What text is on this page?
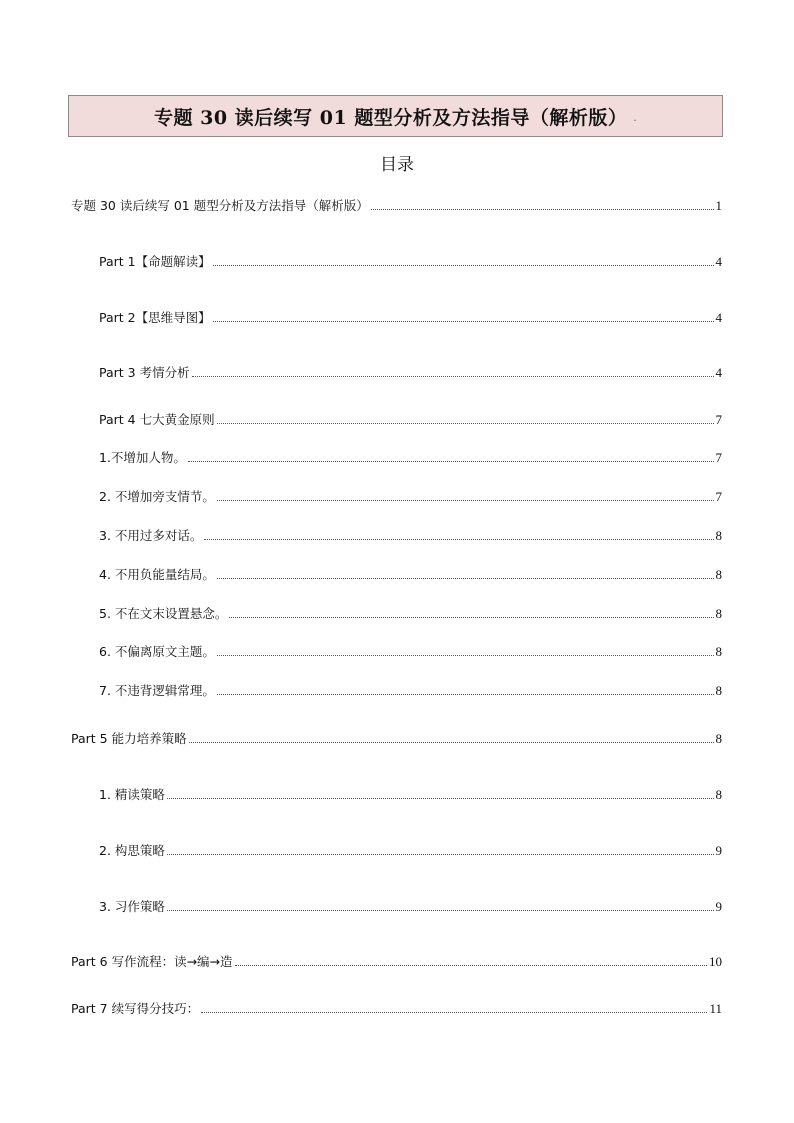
专题 30 读后续写 01 题型分析及方法指导（解析版） .
目录
专题 30 读后续写 01 题型分析及方法指导（解析版）	1
Part 1【命题解读】	4
Part 2【思维导图】	4
Part 3 考情分析	4
Part 4 七大黄金原则	7
1.不增加人物。	7
2. 不增加旁支情节。	7
3. 不用过多对话。	8
4. 不用负能量结局。	8
5. 不在文末设置悬念。	8
6. 不偏离原文主题。	8
7. 不违背逻辑常理。	8
Part 5 能力培养策略	8
1. 精读策略	8
2. 构思策略	9
3. 习作策略	9
Part 6 写作流程：读→编→造	10
Part 7 续写得分技巧：	11
